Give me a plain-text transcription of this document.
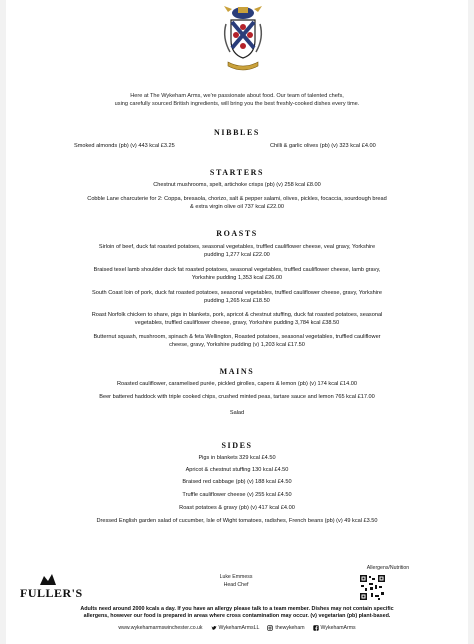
Here at The Wykeham Arms, we're passionate about food. Our team of talented chefs,
using carefully sourced British ingredients, will bring you the best freshly-cooked dishes every time.
NIBBLES
Smoked almonds (pb) (v) 443 kcal £3.25	Chilli & garlic olives (pb) (v) 323 kcal £4.00
STARTERS
Chestnut mushrooms, spelt, artichoke crisps (pb) (v) 258 kcal £8.00
Cobble Lane charcuterie for 2: Coppa, bresaola, chorizo, salt & pepper salami, olives, pickles, focaccia, sourdough bread
& extra virgin olive oil 737 kcal £22.00
ROASTS
Sirloin of beef, duck fat roasted potatoes, seasonal vegetables, truffled cauliflower cheese, veal gravy, Yorkshire
pudding 1,277 kcal £22.00
Braised texel lamb shoulder duck fat roasted potatoes, seasonal vegetables, truffled cauliflower cheese, lamb gravy,
Yorkshire pudding 1,353 kcal £26.00
South Coast loin of pork, duck fat roasted potatoes, seasonal vegetables, truffled cauliflower cheese, gravy, Yorkshire
pudding 1,265 kcal £18.50
Roast Norfolk chicken to share, pigs in blankets, pork, apricot & chestnut stuffing, duck fat roasted potatoes, seasonal
vegetables, truffled cauliflower cheese, gravy, Yorkshire pudding 3,784 kcal £38.50
Butternut squash, mushroom, spinach & feta Wellington, Roasted potatoes, seasonal vegetables, truffled cauliflower
cheese, gravy, Yorkshire pudding (v) 1,203 kcal £17.50
MAINS
Roasted cauliflower, caramelised purée, pickled girolles, capers & lemon (pb) (v) 174 kcal £14.00
Beer battered haddock with triple cooked chips, crushed minted peas, tartare sauce and lemon 765 kcal £17.00
Salad
SIDES
Pigs in blankets 329 kcal £4.50
Apricot & chestnut stuffing 130 kcal £4.50
Braised red cabbage (pb) (v) 188 kcal £4.50
Truffle cauliflower cheese (v) 255 kcal £4.50
Roast potatoes & gravy (pb) (v) 417 kcal £4.00
Dressed English garden salad of cucumber, Isle of Wight tomatoes, radishes, French beans (pb) (v) 49 kcal £3.50
FULLER'S
Luke Emmess
Head Chef
Allergens/Nutrition
Adults need around 2000 kcals a day. If you have an allergy please talk to a team member. Dishes may not contain specific
allergens, however our food is prepared in areas where cross contamination may occur. (v) vegetarian (pb) plant-based.
www.wykehamarmswinchester.co.uk	WykehamArmsLL	thewykeham	WykehamArms
